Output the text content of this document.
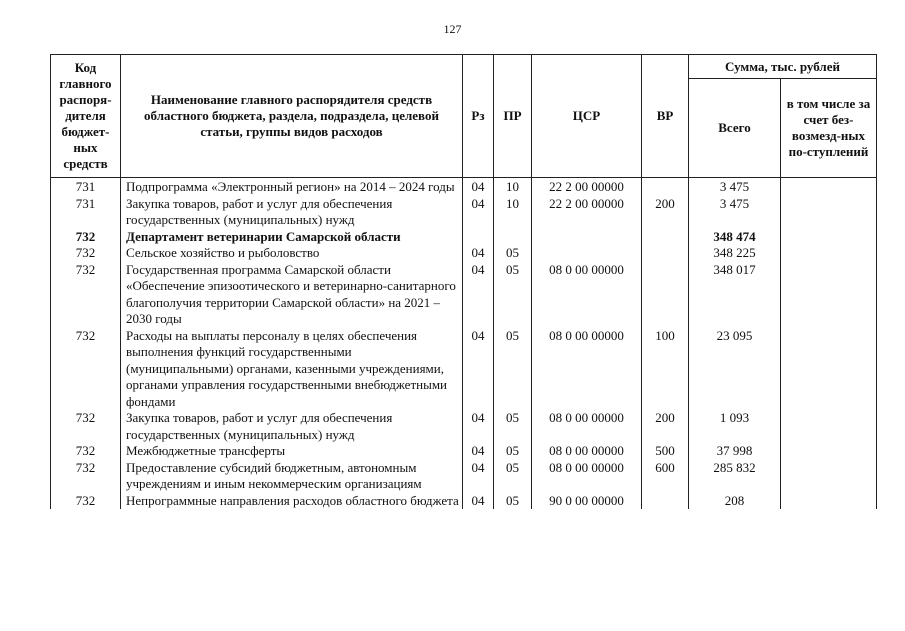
127
Код главного распоря-дителя бюджет-ных средств	Наименование главного распорядителя средств областного бюджета, раздела, подраздела, целевой статьи, группы видов расходов	Рз	ПР	ЦСР	ВР	Сумма, тыс. рублей	
						Всего	в том числе за счет без-возмезд-ных по-ступлений
731	Подпрограмма «Электронный регион» на 2014 – 2024 годы	04	10	22 2 00 00000		3 475	
731	Закупка товаров, работ и услуг для обеспечения государственных (муниципальных) нужд	04	10	22 2 00 00000	200	3 475	
732	Департамент ветеринарии Самарской области					348 474	
732	Сельское хозяйство и рыболовство	04	05			348 225	
732	Государственная программа Самарской области «Обеспечение эпизоотического и ветеринарно-санитарного благополучия территории Самарской области» на 2021 – 2030 годы	04	05	08 0 00 00000		348 017	
732	Расходы на выплаты персоналу в целях обеспечения выполнения функций государственными (муниципальными) органами, казенными учреждениями, органами управления государственными внебюджетными фондами	04	05	08 0 00 00000	100	23 095	
732	Закупка товаров, работ и услуг для обеспечения государственных (муниципальных) нужд	04	05	08 0 00 00000	200	1 093	
732	Межбюджетные трансферты	04	05	08 0 00 00000	500	37 998	
732	Предоставление субсидий бюджетным, автономным учреждениям и иным некоммерческим организациям	04	05	08 0 00 00000	600	285 832	
732	Непрограммные направления расходов областного бюджета	04	05	90 0 00 00000		208	
